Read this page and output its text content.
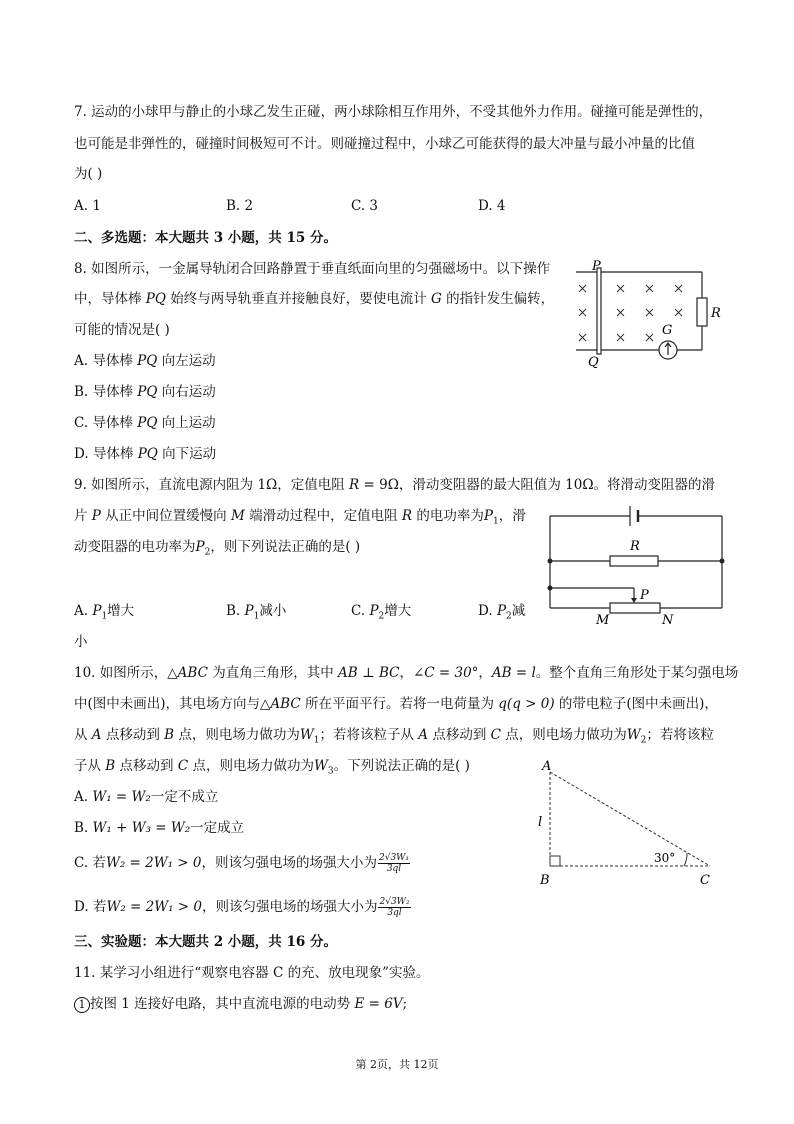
7. 运动的小球甲与静止的小球乙发生正碰，两小球除相互作用外，不受其他外力作用。碰撞可能是弹性的，
也可能是非弹性的，碰撞时间极短可不计。则碰撞过程中，小球乙可能获得的最大冲量与最小冲量的比值
为( )
A. 1	B. 2	C. 3	D. 4
二、多选题：本大题共 3 小题，共 15 分。
8. 如图所示，一金属导轨闭合回路静置于垂直纸面向里的匀强磁场中。以下操作
中，导体棒 PQ 始终与两导轨垂直并接触良好，要使电流计 G 的指针发生偏转，
可能的情况是( )
A. 导体棒 PQ 向左运动
B. 导体棒 PQ 向右运动
C. 导体棒 PQ 向上运动
D. 导体棒 PQ 向下运动
P
Q
R
G
9. 如图所示，直流电源内阻为 1Ω，定值电阻 R = 9Ω，滑动变阻器的最大阻值为 10Ω。将滑动变阻器的滑
片 P 从正中间位置缓慢向 M 端滑动过程中，定值电阻 R 的电功率为$P_1$，滑
动变阻器的电功率为$P_2$，则下列说法正确的是( )
A. $P_1$增大	B. $P_1$减小	C. $P_2$增大	D. $P_2$减
小
R
P
M	N
10. 如图所示，△ABC 为直角三角形，其中 AB ⊥ BC，∠C = 30°，AB = l。整个直角三角形处于某匀强电场
中(图中未画出)，其电场方向与△ABC 所在平面平行。若将一电荷量为 q(q > 0) 的带电粒子(图中未画出)，
从 A 点移动到 B 点，则电场力做功为$W_1$；若将该粒子从 A 点移动到 C 点，则电场力做功为$W_2$；若将该粒
子从 B 点移动到 C 点，则电场力做功为$W_3$。下列说法正确的是( )
A. W₁ = W₂一定不成立
B. W₁ + W₃ = W₂一定成立
C. 若W₂ = 2W₁ > 0，则该匀强电场的场强大小为 $\frac{\text{2√3W₁}}{3ql}$
D. 若W₂ = 2W₁ > 0，则该匀强电场的场强大小为 $\frac{\text{2√3W₂}}{3ql}$
A
B	C
l
30°
三、实验题：本大题共 2 小题，共 16 分。
11. 某学习小组进行“观察电容器 C 的充、放电现象”实验。
1 按图 1 连接好电路，其中直流电源的电动势 E = 6V;
第 2页，共 12页
